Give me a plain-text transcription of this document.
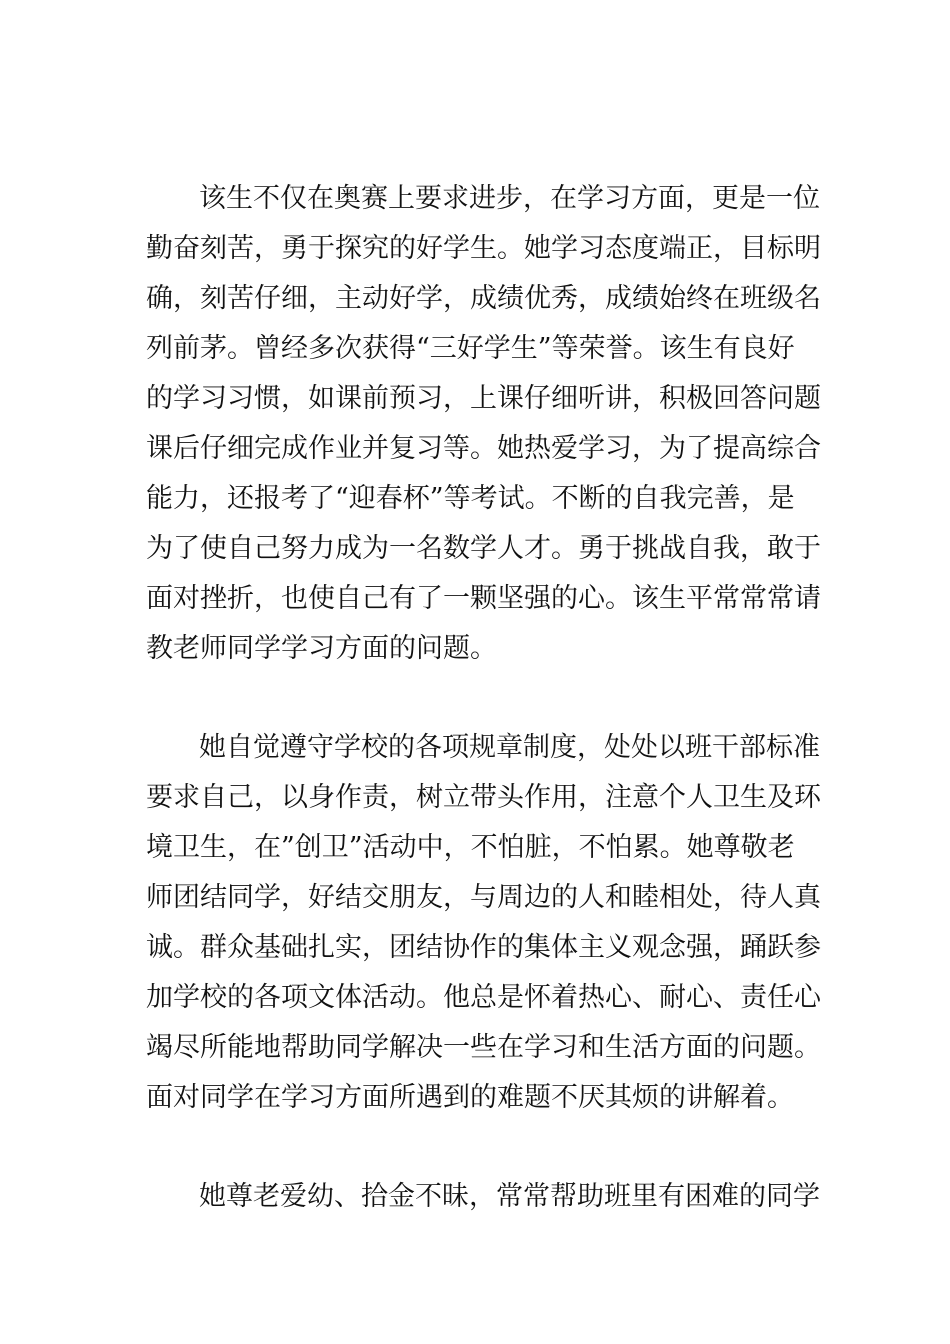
该生不仅在奥赛上要求进步，在学习方面，更是一位
勤奋刻苦，勇于探究的好学生。她学习态度端正，目标明
确，刻苦仔细，主动好学，成绩优秀，成绩始终在班级名
列前茅。曾经多次获得“三好学生”等荣誉。该生有良好
的学习习惯，如课前预习，上课仔细听讲，积极回答问题
课后仔细完成作业并复习等。她热爱学习，为了提高综合
能力，还报考了“迎春杯”等考试。不断的自我完善，是
为了使自己努力成为一名数学人才。勇于挑战自我，敢于
面对挫折，也使自己有了一颗坚强的心。该生平常常常请
教老师同学学习方面的问题。
她自觉遵守学校的各项规章制度，处处以班干部标准
要求自己，以身作责，树立带头作用，注意个人卫生及环
境卫生，在”创卫”活动中，不怕脏，不怕累。她尊敬老
师团结同学，好结交朋友，与周边的人和睦相处，待人真
诚。群众基础扎实，团结协作的集体主义观念强，踊跃参
加学校的各项文体活动。他总是怀着热心、耐心、责任心
竭尽所能地帮助同学解决一些在学习和生活方面的问题。
面对同学在学习方面所遇到的难题不厌其烦的讲解着。
她尊老爱幼、拾金不昧，常常帮助班里有困难的同学
